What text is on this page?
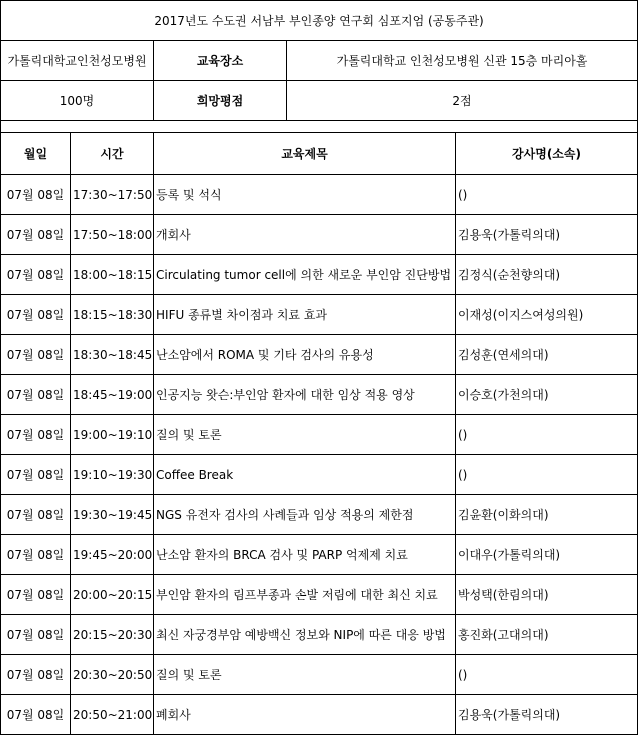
2017년도 수도권 서남부 부인종양 연구회 심포지엄 (공동주관)				
가톨릭대학교인천성모병원		교육장소	가톨릭대학교 인천성모병원 신관 15층 마리아홀	
100명		희망평점	2점	

월일	시간	교육제목		강사명(소속)
07월 08일	17:30~17:50	등록 및 석식		()
07월 08일	17:50~18:00	개회사		김용욱(가톨릭의대)
07월 08일	18:00~18:15	Circulating tumor cell에 의한 새로운 부인암 진단방법		김정식(순천향의대)
07월 08일	18:15~18:30	HIFU 종류별 차이점과 치료 효과		이재성(이지스여성의원)
07월 08일	18:30~18:45	난소암에서 ROMA 및 기타 검사의 유용성		김성훈(연세의대)
07월 08일	18:45~19:00	인공지능 왓슨:부인암 환자에 대한 임상 적용 영상		이승호(가천의대)
07월 08일	19:00~19:10	질의 및 토론		()
07월 08일	19:10~19:30	Coffee Break		()
07월 08일	19:30~19:45	NGS 유전자 검사의 사례들과 임상 적용의 제한점		김윤환(이화의대)
07월 08일	19:45~20:00	난소암 환자의 BRCA 검사 및 PARP 억제제 치료		이대우(가톨릭의대)
07월 08일	20:00~20:15	부인암 환자의 림프부종과 손발 저림에 대한 최신 치료		박성택(한림의대)
07월 08일	20:15~20:30	최신 자궁경부암 예방백신 정보와 NIP에 따른 대응 방법		홍진화(고대의대)
07월 08일	20:30~20:50	질의 및 토론		()
07월 08일	20:50~21:00	폐회사		김용욱(가톨릭의대)
